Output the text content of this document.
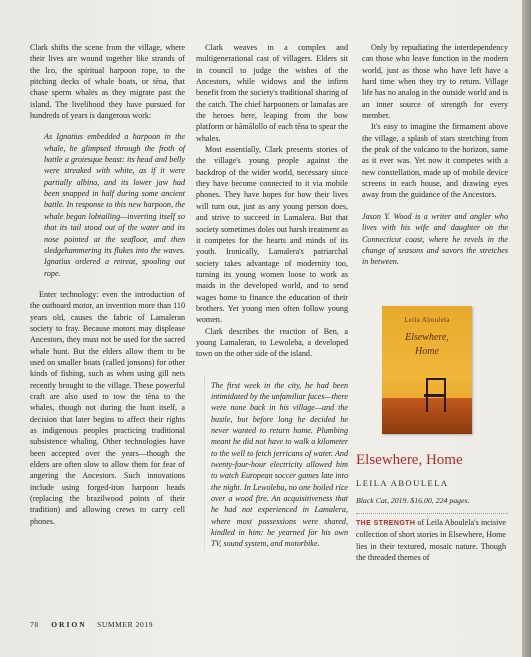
Clark shifts the scene from the village, where their lives are wound together like strands of the lɛo, the spiritual harpoon rope, to the pitching decks of whale boats, or tēna, that chase sperm whales as they migrate past the island. The livelihood they have pursued for hundreds of years is dangerous work:

As Ignatius embedded a harpoon in the whale, he glimpsed through the froth of battle a grotesque beast: its head and belly were streaked with white, as if it were partially albino, and its lower jaw had been snapped in half during some ancient battle. In response to this new harpoon, the whale began lobtailing—inverting itself so that its tail stood out of the water and its nose pointed at the seafloor, and then sledgehammering its flukes into the waves. Ignatius ordered a retreat, spooling out rope.

Enter technology: even the introduction of the outboard motor, an invention more than 110 years old, causes the fabric of Lamaleran society to fray. Because motors may displease Ancestors, they must not be used for the sacred whale hunt. But the elders allow them to be used on smaller boats (called jonsons) for other kinds of fishing, such as when using gill nets recently brought to the village. These powerful craft are also used to tow the tēna to the whales, though not during the hunt itself, a decision that later begins to affect their rights as indigenous peoples practicing traditional subsistence whaling. Other technologies have been accepted over the years—though the elders are often slow to allow them for fear of angering the Ancestors. Such innovations include using forged-iron harpoon heads (replacing the brazilwood points of their tradition) and allowing crews to carry cell phones.

Clark weaves in a complex and multigenerational cast of villagers. Elders sit in council to judge the wishes of the Ancestors, while widows and the infirm benefit from the society's traditional sharing of the catch. The chief harpooners or lamafas are the heroes here, leaping from the bow platform or hāmālollo of each tēna to spear the whales.

Most essentially, Clark presents stories of the village's young people against the backdrop of the wider world, necessary since they have become connected to it via mobile phones. They have hopes for how their lives will turn out, just as any young person does, and strive to succeed in Lamalera. But that society sometimes doles out harsh treatment as it competes for the hearts and minds of its youth. Ironically, Lamalera's patriarchal society takes advantage of modernity too, turning its young women loose to work as maids in the developed world, and to send wages home to finance the education of their brothers. Yet young men often follow young women.

Clark describes the reaction of Ben, a young Lamaleran, to Lewoleba, a developed town on the other side of the island.

The first week in the city, he had been intimidated by the unfamiliar faces—there were none back in his village—and the bustle, but before long he decided he never wanted to return home. Plumbing meant he did not have to walk a kilometer to the well to fetch jerricans of water. And twenty-four-hour electricity allowed him to watch European soccer games late into the night. In Lewoleba, no one boiled rice over a wood fire. An acquisitiveness that he had not experienced in Lamalera, where most possessions were shared, kindled in him: he yearned for his own TV, sound system, and motorbike.

Only by repudiating the interdependency can those who leave function in the modern world, just as those who have left have a hard time when they try to return. Village life has no analog in the outside world and is an inner source of strength for every member.

It's easy to imagine the firmament above the village, a splash of stars stretching from the peak of the volcano to the horizon, same as it ever was. Yet now it competes with a new constellation, made up of mobile device screens in each house, and drawing eyes away from the guidance of the Ancestors.

Jason Y. Wood is a writer and angler who lives with his wife and daughter on the Connecticut coast, where he revels in the change of seasons and savors the stretches in between.

Leila Aboulela
Elsewhere,
Home
Elsewhere, Home
LEILA ABOULELA
Black Cat, 2019. $16.00, 224 pages.
THE STRENGTH of Leila Aboulela's incisive collection of short stories in Elsewhere, Home lies in their textured, mosaic nature. Though the threaded themes of
78 ORION SUMMER 2019
